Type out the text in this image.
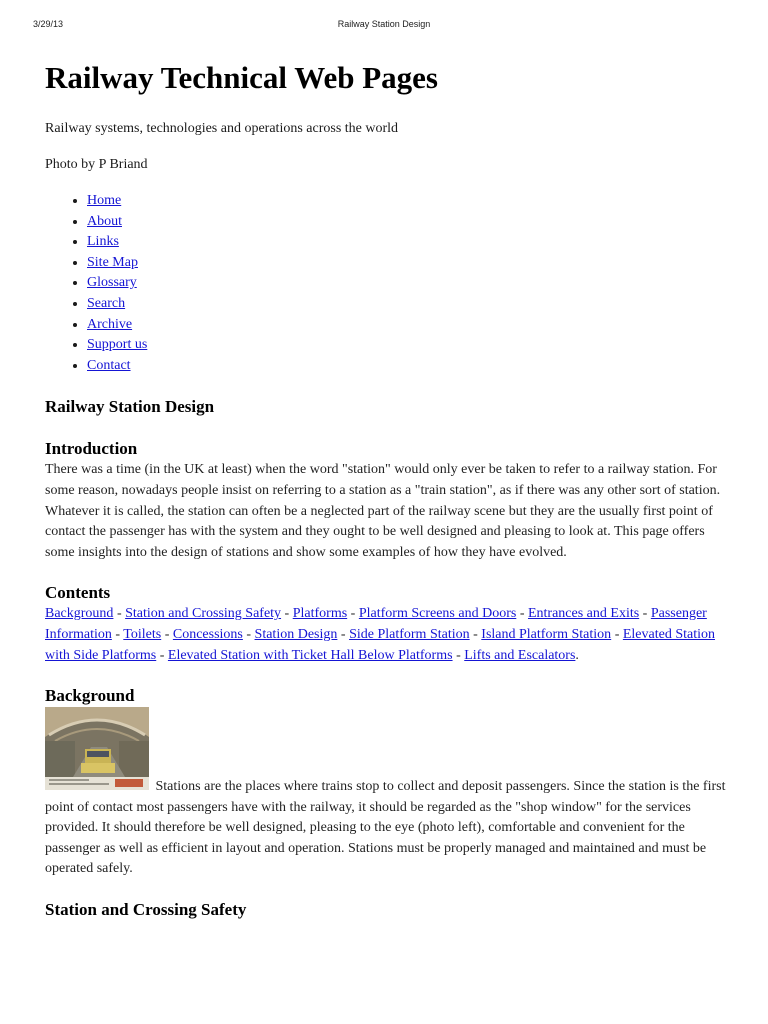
3/29/13	Railway Station Design
Railway Technical Web Pages

Railway systems, technologies and operations across the world

Photo by P Briand

• Home
• About
• Links
• Site Map
• Glossary
• Search
• Archive
• Support us
• Contact
Railway Station Design
Introduction

There was a time (in the UK at least) when the word "station" would only ever be taken to refer to a railway station. For some reason, nowadays people insist on referring to a station as a "train station", as if there was any other sort of station. Whatever it is called, the station can often be a neglected part of the railway scene but they are the usually first point of contact the passenger has with the system and they ought to be well designed and pleasing to look at. This page offers some insights into the design of stations and show some examples of how they have evolved.

Contents

Background - Station and Crossing Safety - Platforms - Platform Screens and Doors - Entrances and Exits - Passenger Information - Toilets - Concessions - Station Design - Side Platform Station - Island Platform Station - Elevated Station with Side Platforms - Elevated Station with Ticket Hall Below Platforms - Lifts and Escalators.

Background

Stations are the places where trains stop to collect and deposit passengers. Since the station is the first point of contact most passengers have with the railway, it should be regarded as the "shop window" for the services provided. It should therefore be well designed, pleasing to the eye (photo left), comfortable and convenient for the passenger as well as efficient in layout and operation. Stations must be properly managed and maintained and must be operated safely.

Station and Crossing Safety
